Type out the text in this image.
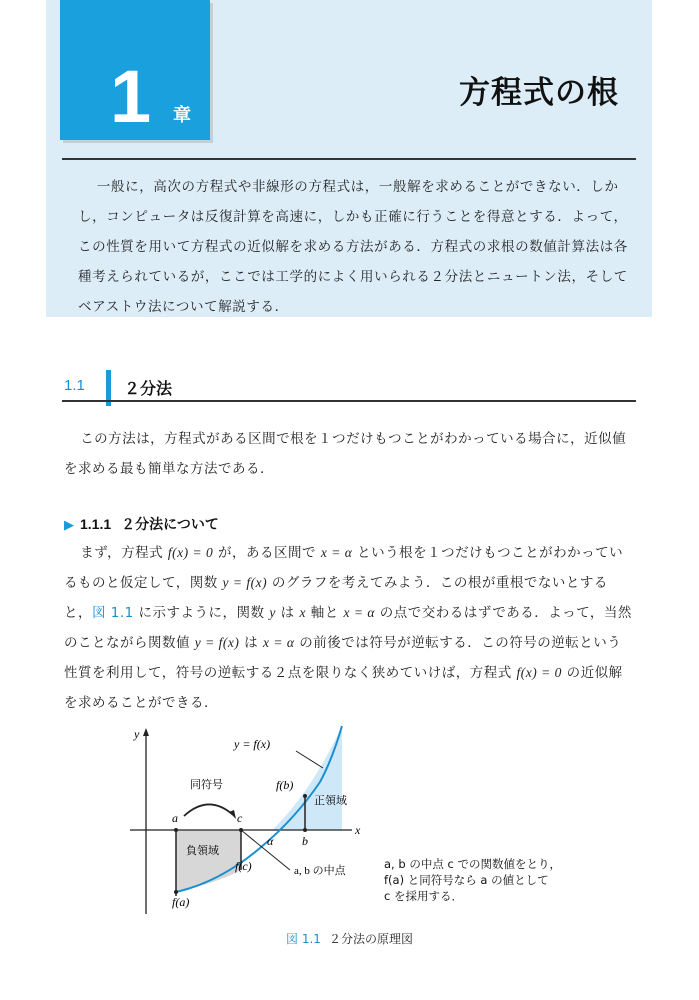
1 章
方程式の根

一般に，高次の方程式や非線形の方程式は，一般解を求めることができない．しかし，コンピュータは反復計算を高速に，しかも正確に行うことを得意とする．よって，この性質を用いて方程式の近似解を求める方法がある．方程式の求根の数値計算法は各種考えられているが，ここでは工学的によく用いられる２分法とニュートン法，そしてベアストウ法について解説する．

1.1 ２分法

この方法は，方程式がある区間で根を１つだけもつことがわかっている場合に，近似値を求める最も簡単な方法である．

▶ 1.1.1 ２分法について

まず，方程式 f(x) = 0 が，ある区間で x = α という根を１つだけもつことがわかっているものと仮定して，関数 y = f(x) のグラフを考えてみよう．この根が重根でないとすると，図 1.1 に示すように，関数 y は x 軸と x = α の点で交わるはずである．よって，当然のことながら関数値 y = f(x) は x = α の前後では符号が逆転する．この符号の逆転という性質を利用して，符号の逆転する２点を限りなく狭めていけば，方程式 f(x) = 0 の近似解を求めることができる．

y
x
y = f(x)
同符号
a	c
α b
f(b)
f(c)
f(a)
正領域
負領域
a, b の中点	a, b の中点 c での関数値をとり，
f(a) と同符号なら a の値として
c を採用する．
図 1.1 ２分法の原理図
